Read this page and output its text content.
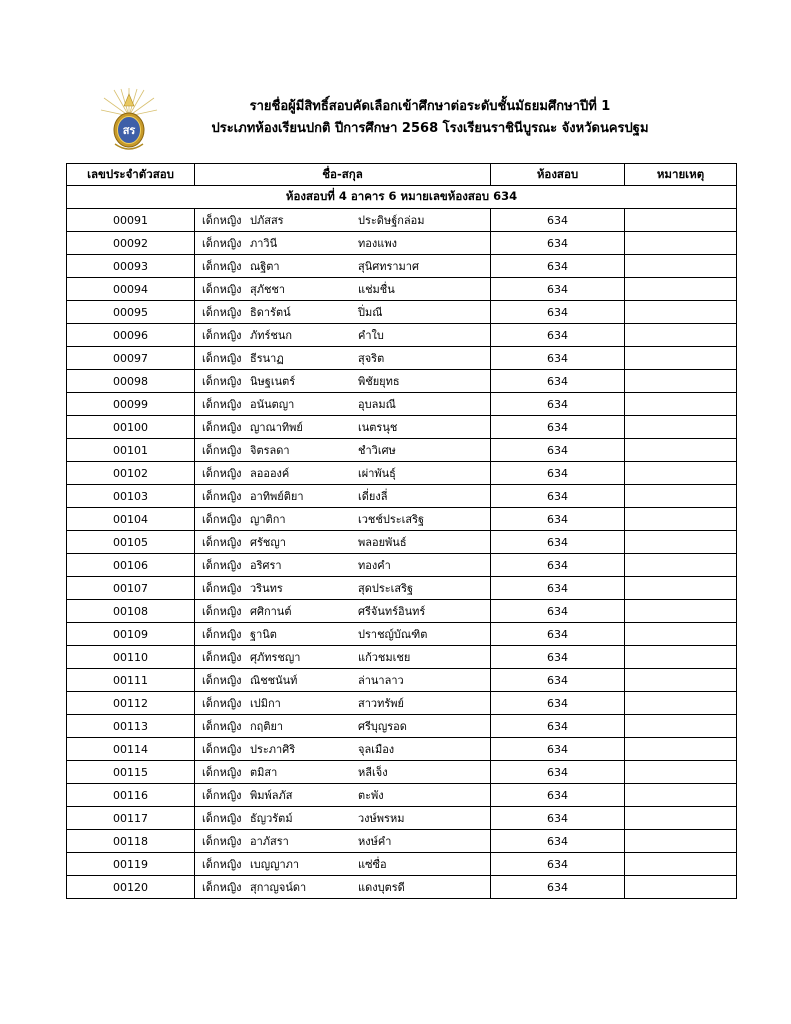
สร
รายชื่อผู้มีสิทธิ์สอบคัดเลือกเข้าศึกษาต่อระดับชั้นมัธยมศึกษาปีที่ 1
ประเภทห้องเรียนปกติ ปีการศึกษา 2568 โรงเรียนราชินีบูรณะ จังหวัดนครปฐม
เลขประจำตัวสอบ	ชื่อ-สกุล	ห้องสอบ	หมายเหตุ
ห้องสอบที่ 4 อาคาร 6 หมายเลขห้องสอบ 634			
00091	เด็กหญิง ปภัสสร ประดิษฐ์กล่อม	634	
00092	เด็กหญิง ภาวินี ทองแพง	634	
00093	เด็กหญิง ณฐิตา สุนิศทรามาศ	634	
00094	เด็กหญิง สุภัชชา แช่มชื่น	634	
00095	เด็กหญิง ธิดารัตน์ ปิ่มณี	634	
00096	เด็กหญิง ภัทร์ชนก คำใบ	634	
00097	เด็กหญิง ธีรนาฏ สุจริต	634	
00098	เด็กหญิง นิษฐเนตร์ พิชัยยุทธ	634	
00099	เด็กหญิง อนันตญา อุบลมณี	634	
00100	เด็กหญิง ญาณาทิพย์ เนตรนุช	634	
00101	เด็กหญิง จิตรลดา ชำวิเศษ	634	
00102	เด็กหญิง ลออองค์ เผ่าพันธุ์	634	
00103	เด็กหญิง อาทิพย์ติยา เดี่ยงลี่	634	
00104	เด็กหญิง ญาติกา เวชช์ประเสริฐ	634	
00105	เด็กหญิง ศรัชญา พลอยพันธ์	634	
00106	เด็กหญิง อริศรา ทองคำ	634	
00107	เด็กหญิง วรินทร สุดประเสริฐ	634	
00108	เด็กหญิง ศศิกานต์ ศรีจันทร์อินทร์	634	
00109	เด็กหญิง ฐานิต ปราชญ์บัณฑิต	634	
00110	เด็กหญิง ศุภัทรชญา แก้วชมเชย	634	
00111	เด็กหญิง ณิชชนันท์ ล่านาลาว	634	
00112	เด็กหญิง เปมิกา สาวทรัพย์	634	
00113	เด็กหญิง กฤติยา ศรีบุญรอด	634	
00114	เด็กหญิง ประภาศิริ จุลเมือง	634	
00115	เด็กหญิง ตมิสา หลีเจ็ง	634	
00116	เด็กหญิง พิมพ์ลภัส ตะพัง	634	
00117	เด็กหญิง ธัญวรัตม์ วงษ์พรหม	634	
00118	เด็กหญิง อาภัสรา หงษ์คำ	634	
00119	เด็กหญิง เบญญาภา แซ่ซื่อ	634	
00120	เด็กหญิง สุกาญจน์ดา แดงบุตรดี	634	
